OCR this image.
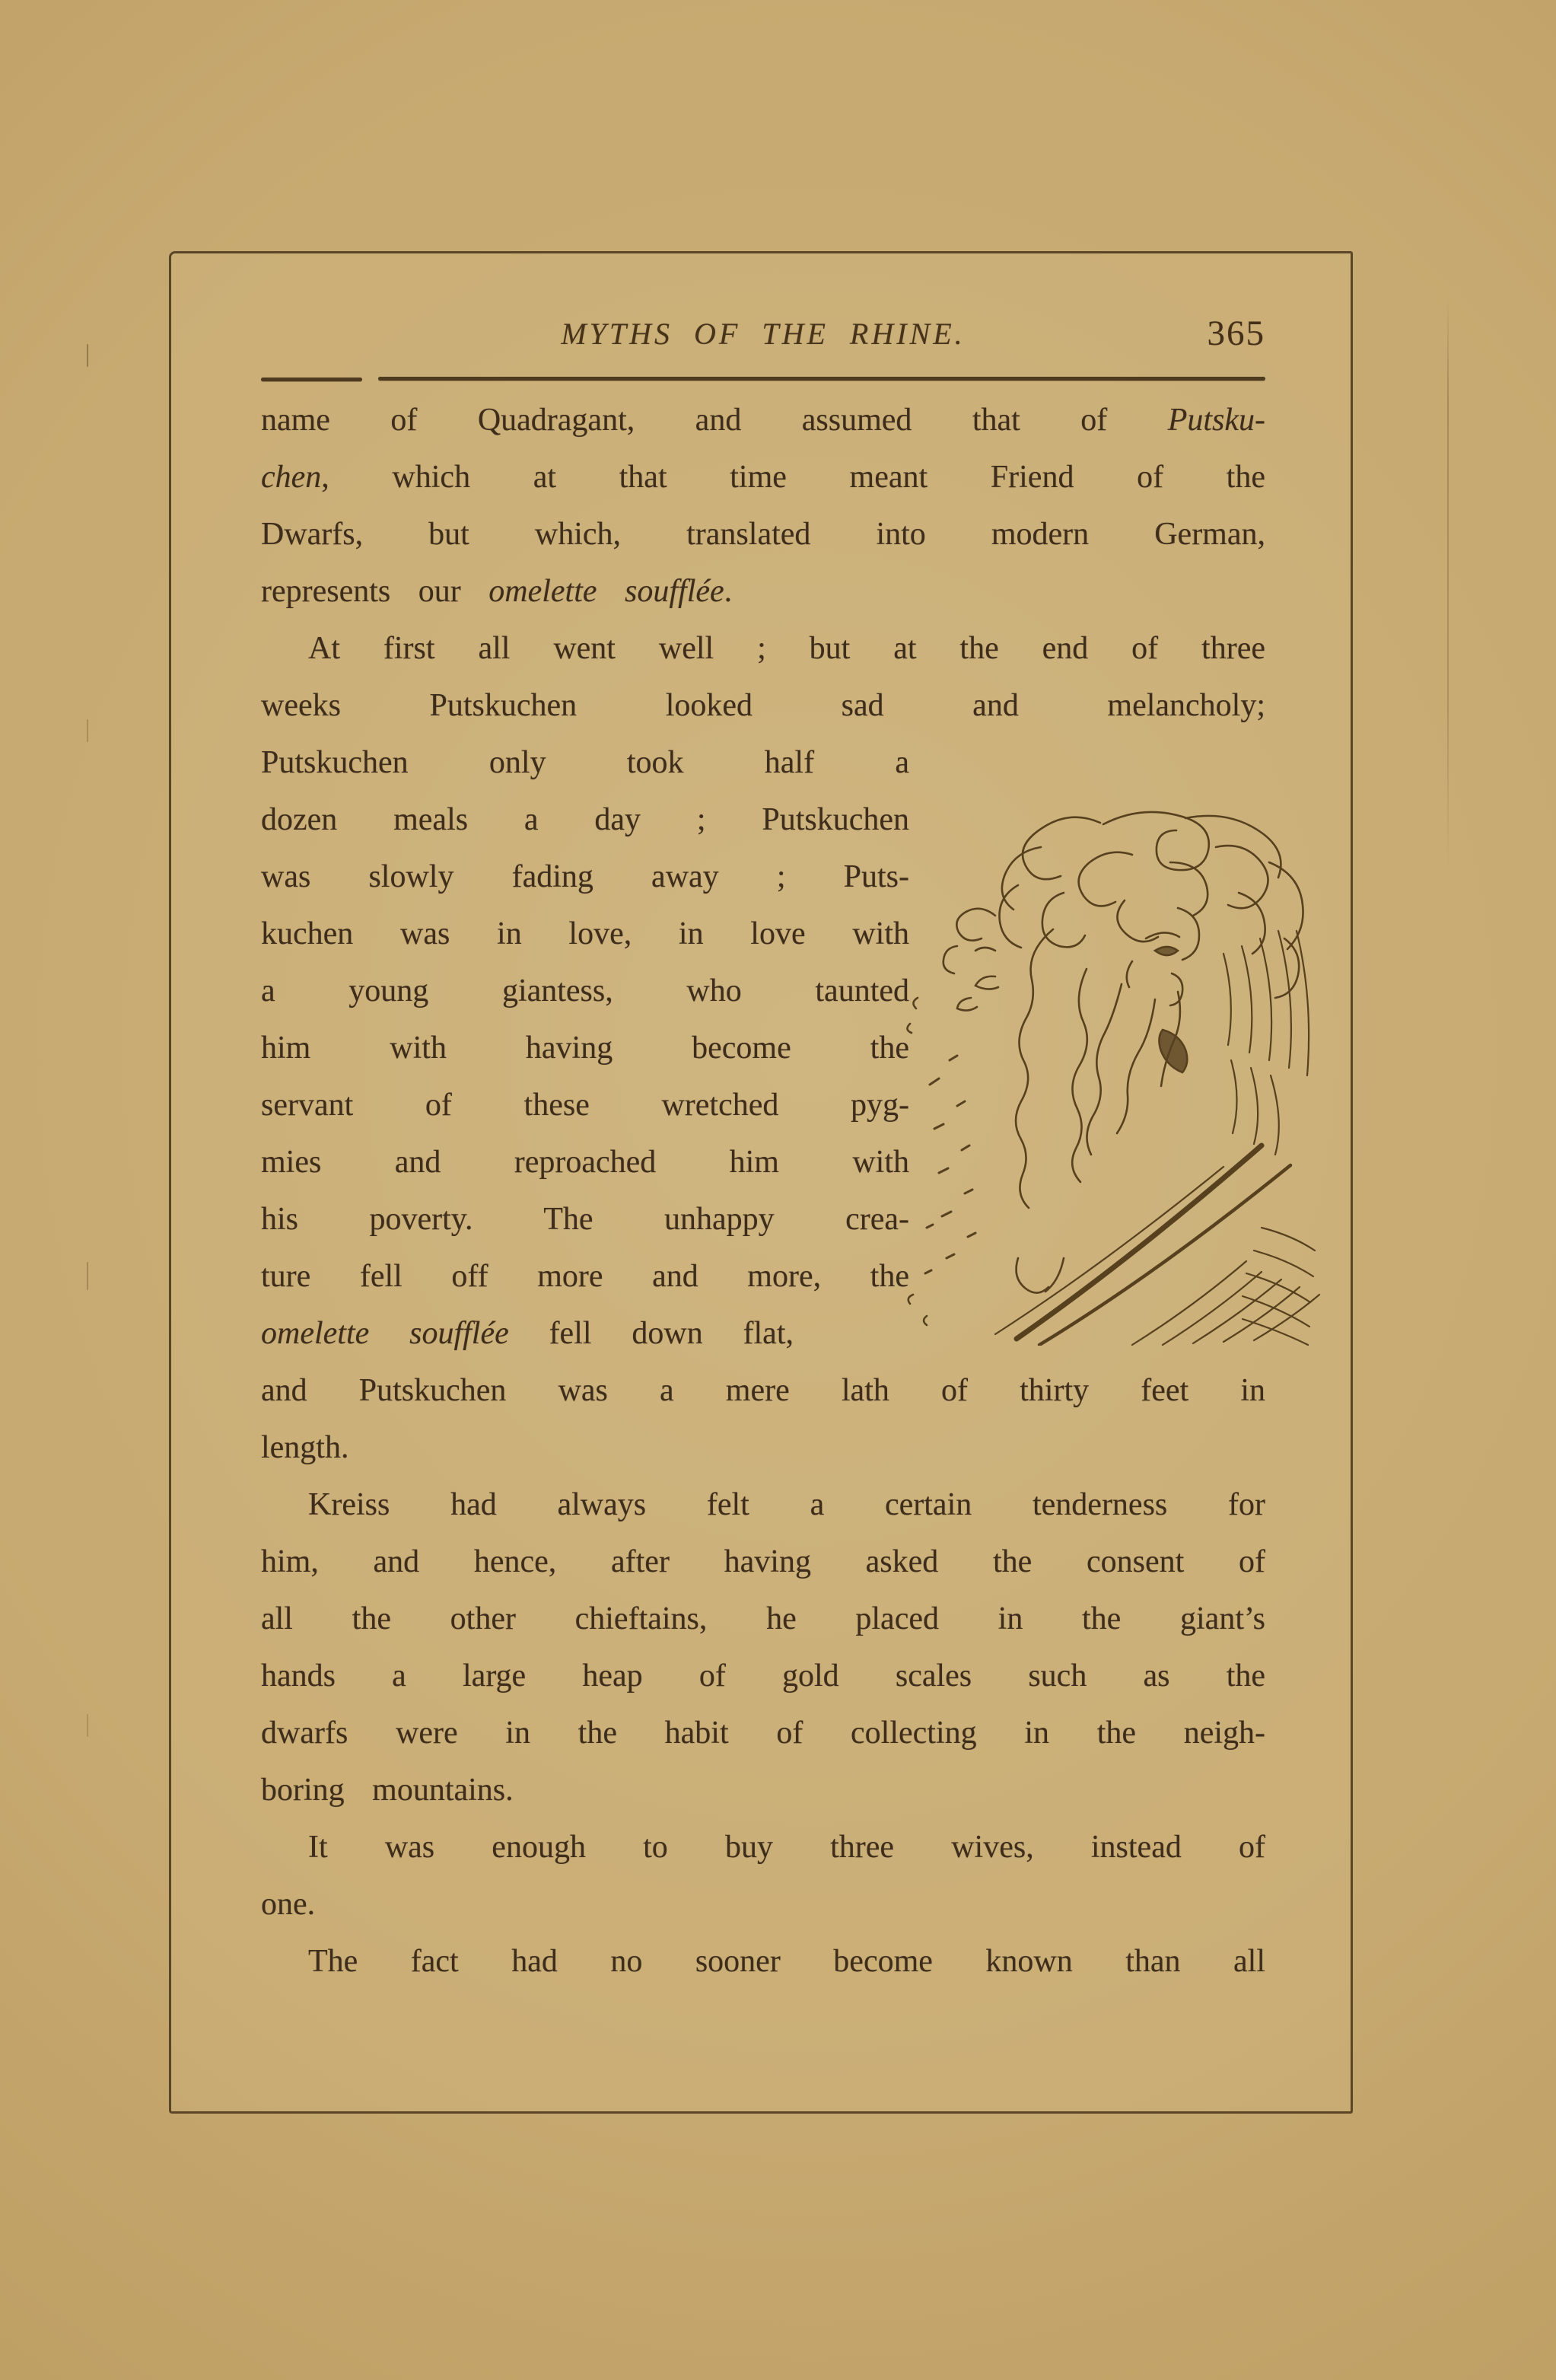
MYTHS OF THE RHINE.	365
name of Quadragant, and assumed that of Putsku-
chen, which at that time meant Friend of the
Dwarfs, but which, translated into modern German,
represents our omelette soufflée.
At first all went well ; but at the end of three
weeks Putskuchen looked sad and melancholy;
Putskuchen only took half a
dozen meals a day ; Putskuchen
was slowly fading away ; Puts-
kuchen was in love, in love with
a young giantess, who taunted
him with having become the
servant of these wretched pyg-
mies and reproached him with
his poverty. The unhappy crea-
ture fell off more and more, the
omelette soufflée fell down flat,
and Putskuchen was a mere lath of thirty feet in
length.
Kreiss had always felt a certain tenderness for
him, and hence, after having asked the consent of
all the other chieftains, he placed in the giant’s
hands a large heap of gold scales such as the
dwarfs were in the habit of collecting in the neigh-
boring mountains.
It was enough to buy three wives, instead of
one.
The fact had no sooner become known than all
